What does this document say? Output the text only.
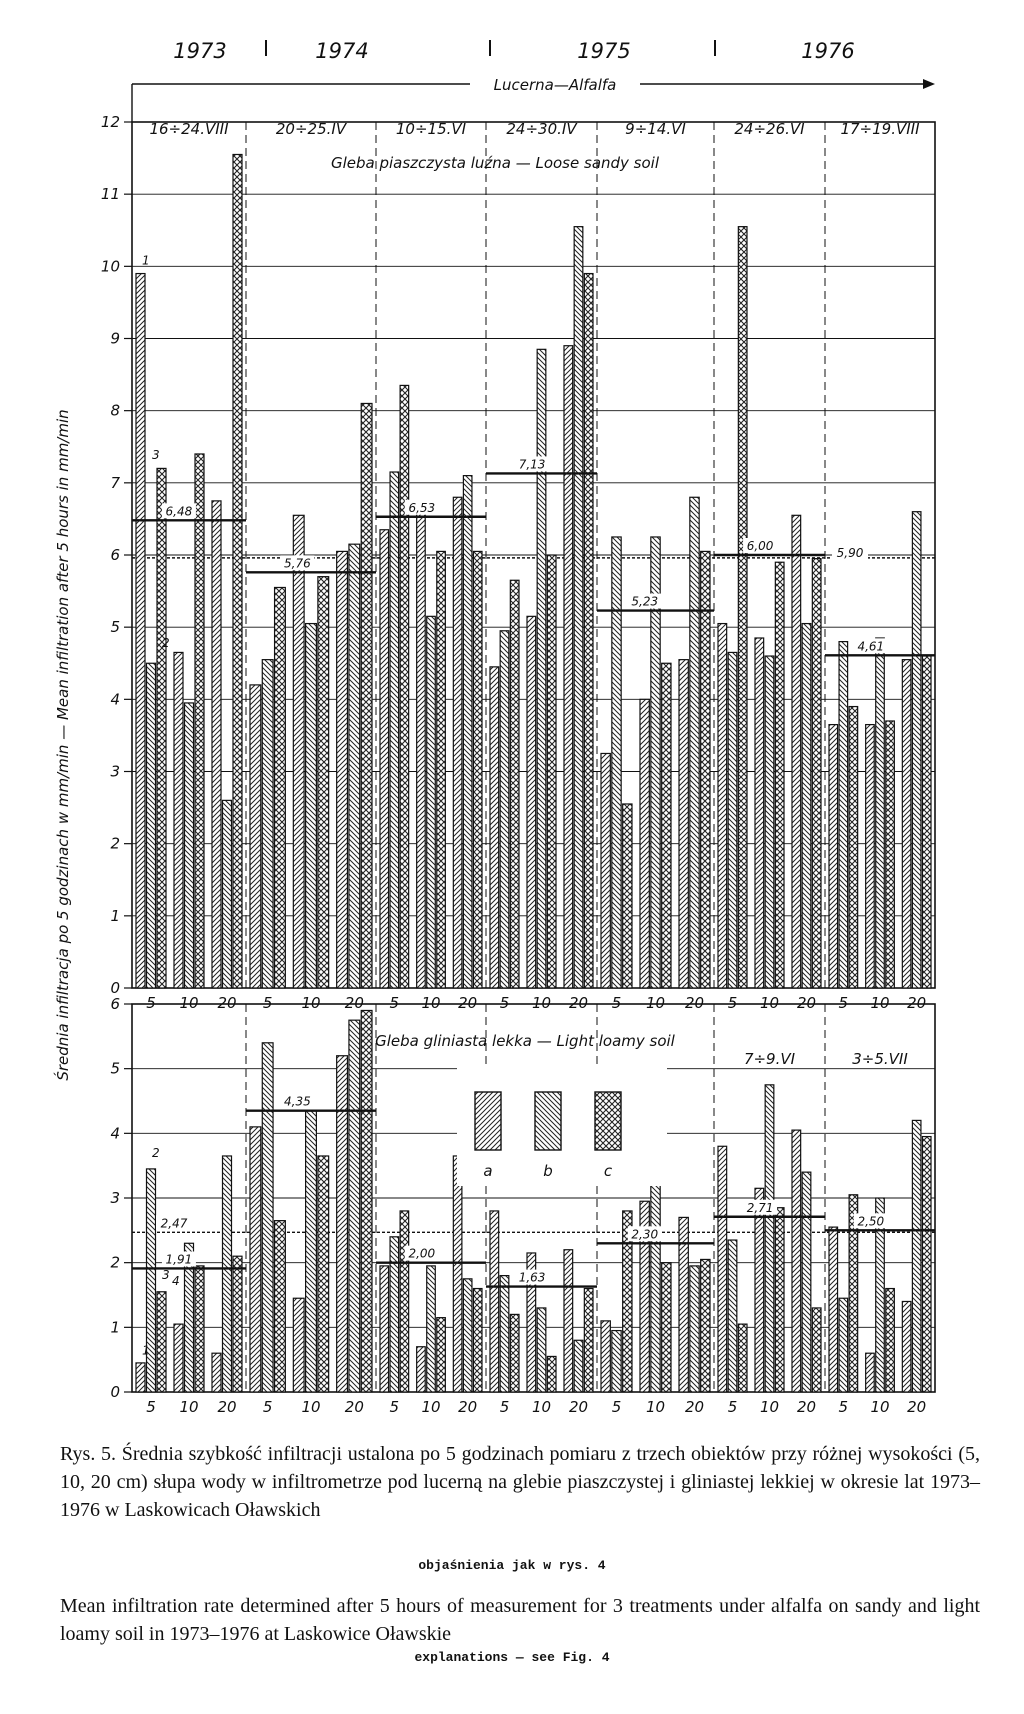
1973	1974	1975	1976
Lucerna—Alfalfa
0
1
2
3
4
5
6
7
8
9
10
11
12
0
1
2
3
4
5
6
Średnia infiltracja po 5 godzinach w mm/min — Mean infiltration after 5 hours in mm/min
Gleba piaszczysta luźna — Loose sandy soil
16÷24.VIII
5 10 20
6,48
1
3
2
20÷25.IV
5 10 20
5,76
10÷15.VI
5 10 20
6,53
24÷30.IV
5 10 20
7,13
9÷14.VI
5 10 20
5,23
24÷26.VI
5 10 20
6,00
17÷19.VIII
5 10 20
4,61
5,90
Gleba gliniasta lekka — Light loamy soil
5 10 20
1,91
1
2
3 4
5 10 20
4,35
5 10 20
2,00
5 10 20
1,63
5 10 20
2,30
7÷9.VI
5 10 20
2,71
3÷5.VII
5 10 20
2,50
2,47
a	b	c
Rys. 5. Średnia szybkość infiltracji ustalona po 5 godzinach pomiaru z trzech obiektów przy różnej wysokości (5, 10, 20 cm) słupa wody w infiltrometrze pod lucerną na glebie piaszczystej i gliniastej lekkiej w okresie lat 1973–1976 w Laskowicach Oławskich
objaśnienia jak w rys. 4
Mean infiltration rate determined after 5 hours of measurement for 3 treatments under alfalfa on sandy and light loamy soil in 1973–1976 at Laskowice Oławskie
explanations — see Fig. 4
